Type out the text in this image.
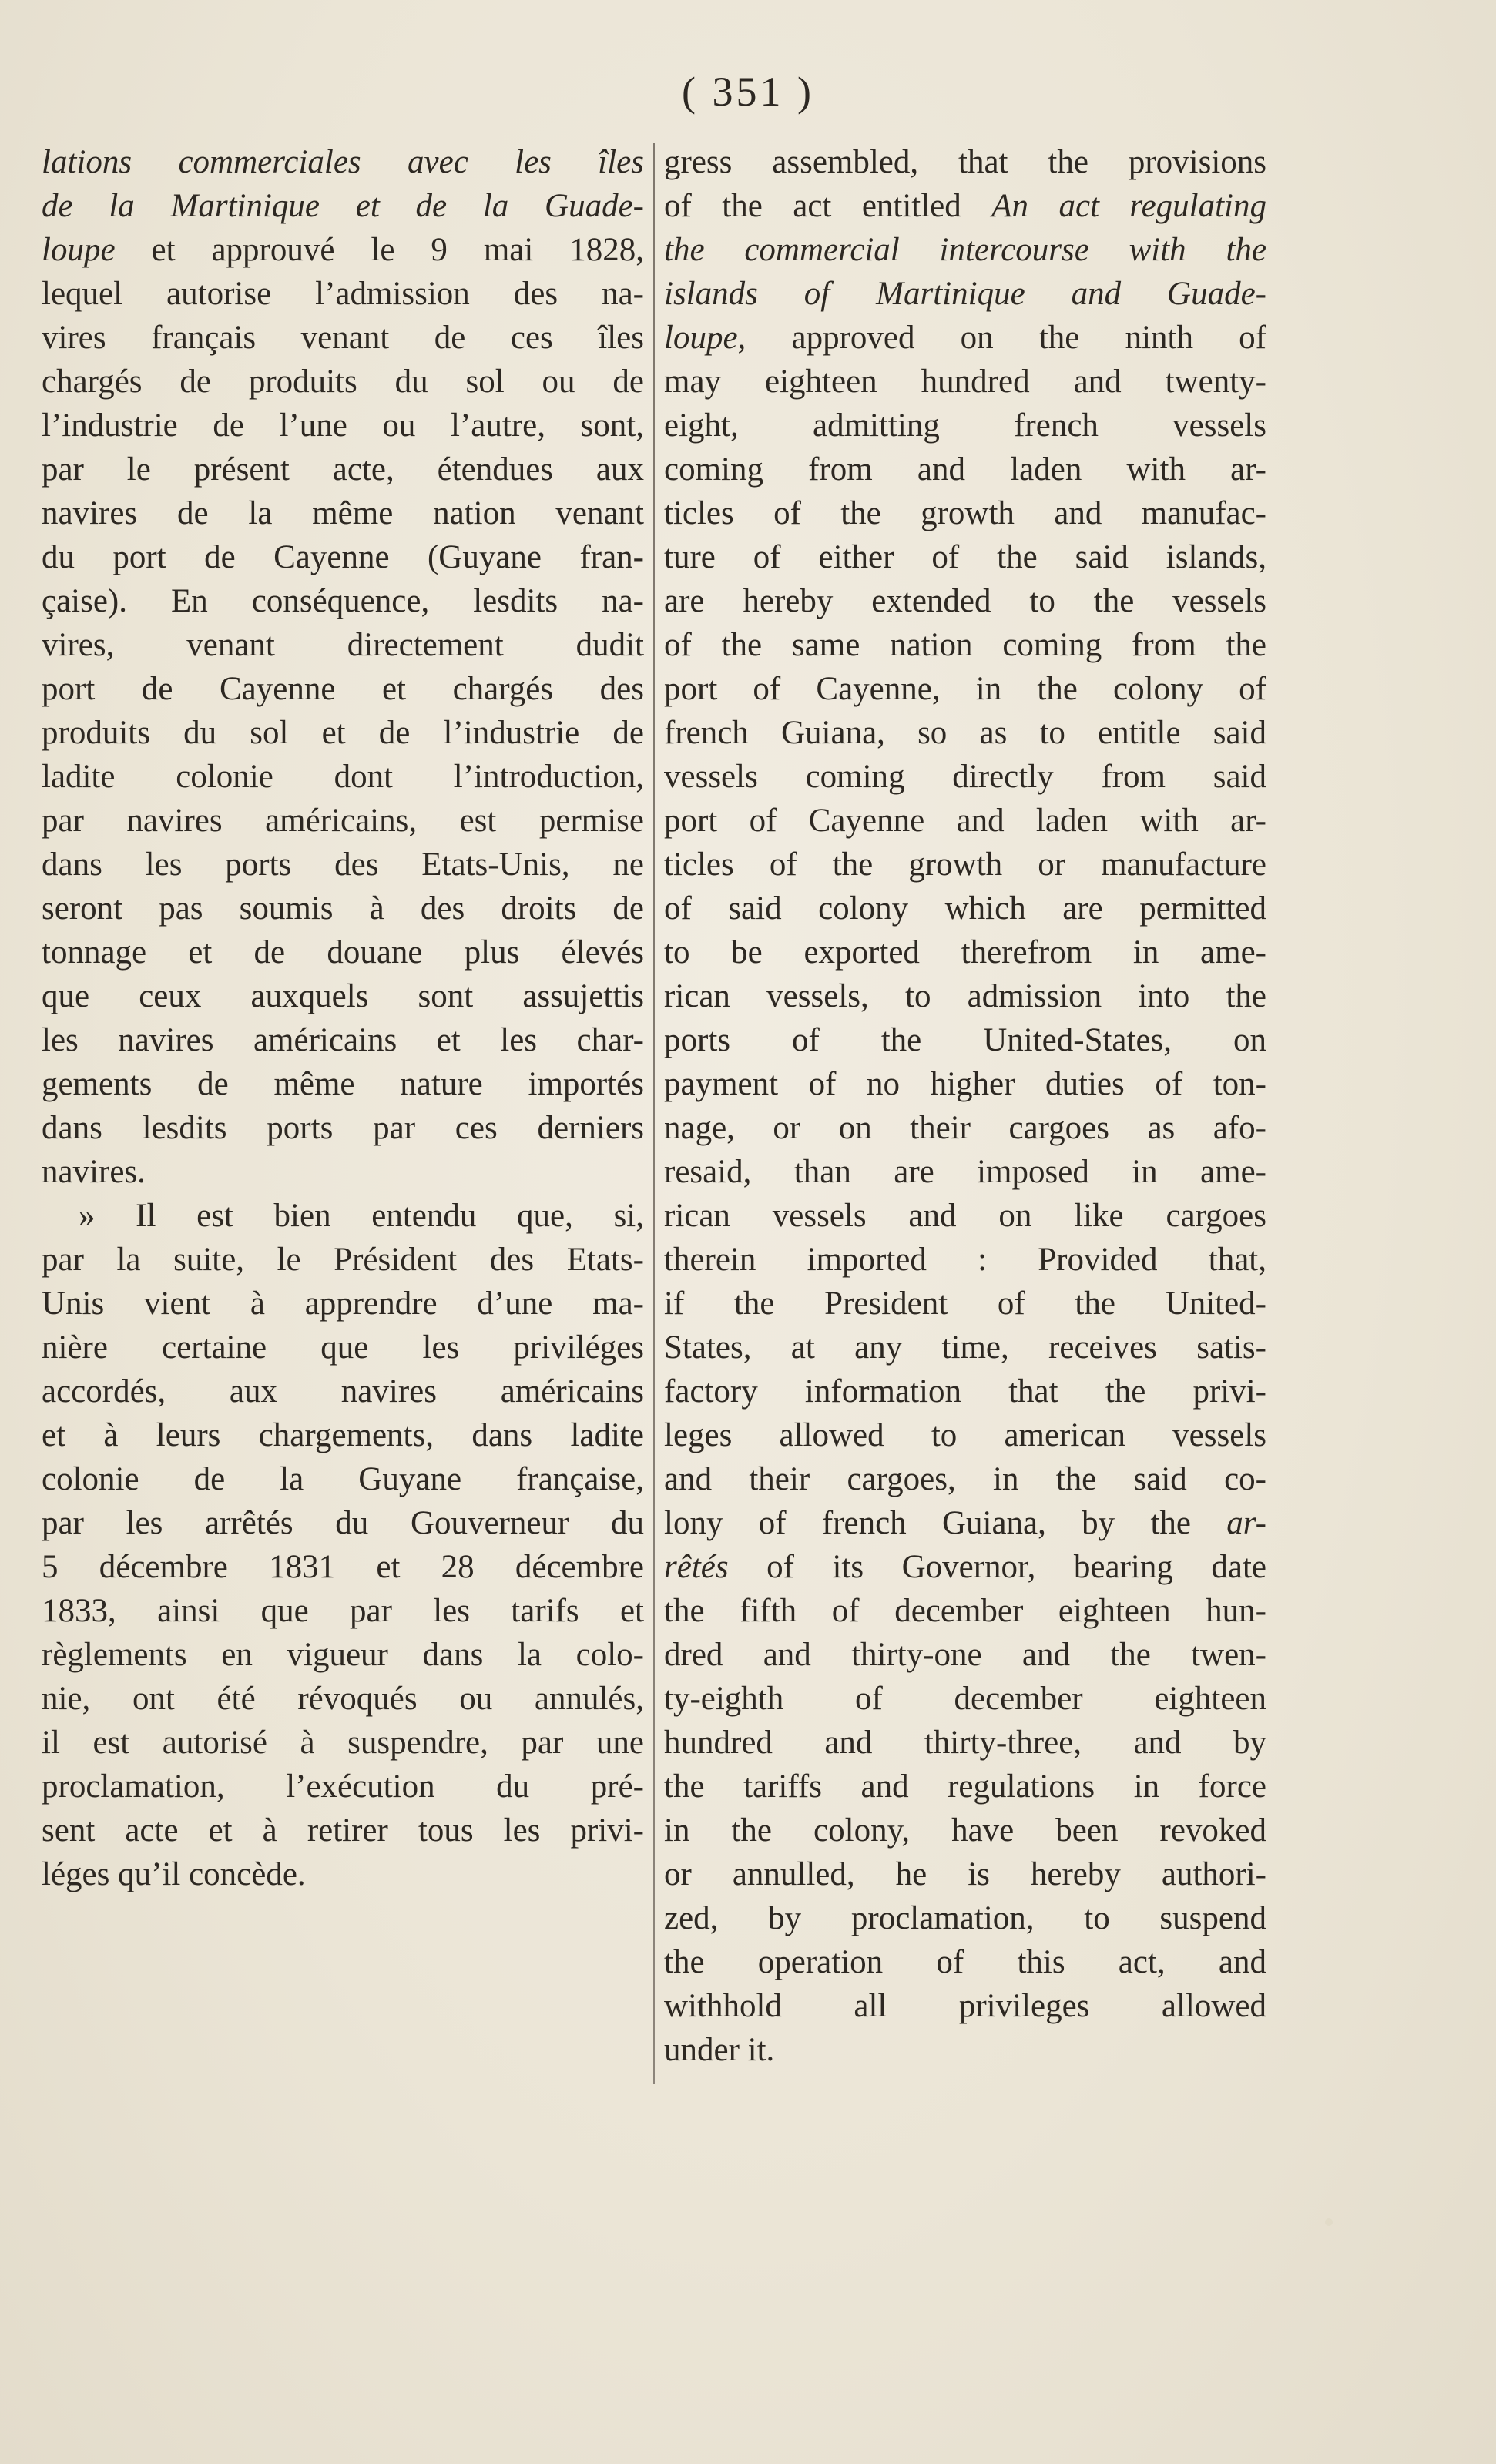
( 351 )
lations commerciales avec les îles
de la Martinique et de la Guade-
loupe et approuvé le 9 mai 1828,
lequel autorise l’admission des na-
vires français venant de ces îles
chargés de produits du sol ou de
l’industrie de l’une ou l’autre, sont,
par le présent acte, étendues aux
navires de la même nation venant
du port de Cayenne (Guyane fran-
çaise). En conséquence, lesdits na-
vires, venant directement dudit
port de Cayenne et chargés des
produits du sol et de l’industrie de
ladite colonie dont l’introduction,
par navires américains, est permise
dans les ports des Etats-Unis, ne
seront pas soumis à des droits de
tonnage et de douane plus élevés
que ceux auxquels sont assujettis
les navires américains et les char-
gements de même nature importés
dans lesdits ports par ces derniers
navires.
» Il est bien entendu que, si,
par la suite, le Président des Etats-
Unis vient à apprendre d’une ma-
nière certaine que les priviléges
accordés, aux navires américains
et à leurs chargements, dans ladite
colonie de la Guyane française,
par les arrêtés du Gouverneur du
5 décembre 1831 et 28 décembre
1833, ainsi que par les tarifs et
règlements en vigueur dans la colo-
nie, ont été révoqués ou annulés,
il est autorisé à suspendre, par une
proclamation, l’exécution du pré-
sent acte et à retirer tous les privi-
léges qu’il concède.
gress assembled, that the provisions
of the act entitled An act regulating
the commercial intercourse with the
islands of Martinique and Guade-
loupe, approved on the ninth of
may eighteen hundred and twenty-
eight, admitting french vessels
coming from and laden with ar-
ticles of the growth and manufac-
ture of either of the said islands,
are hereby extended to the vessels
of the same nation coming from the
port of Cayenne, in the colony of
french Guiana, so as to entitle said
vessels coming directly from said
port of Cayenne and laden with ar-
ticles of the growth or manufacture
of said colony which are permitted
to be exported therefrom in ame-
rican vessels, to admission into the
ports of the United-States, on
payment of no higher duties of ton-
nage, or on their cargoes as afo-
resaid, than are imposed in ame-
rican vessels and on like cargoes
therein imported : Provided that,
if the President of the United-
States, at any time, receives satis-
factory information that the privi-
leges allowed to american vessels
and their cargoes, in the said co-
lony of french Guiana, by the ar-
rêtés of its Governor, bearing date
the fifth of december eighteen hun-
dred and thirty-one and the twen-
ty-eighth of december eighteen
hundred and thirty-three, and by
the tariffs and regulations in force
in the colony, have been revoked
or annulled, he is hereby authori-
zed, by proclamation, to suspend
the operation of this act, and
withhold all privileges allowed
under it.
